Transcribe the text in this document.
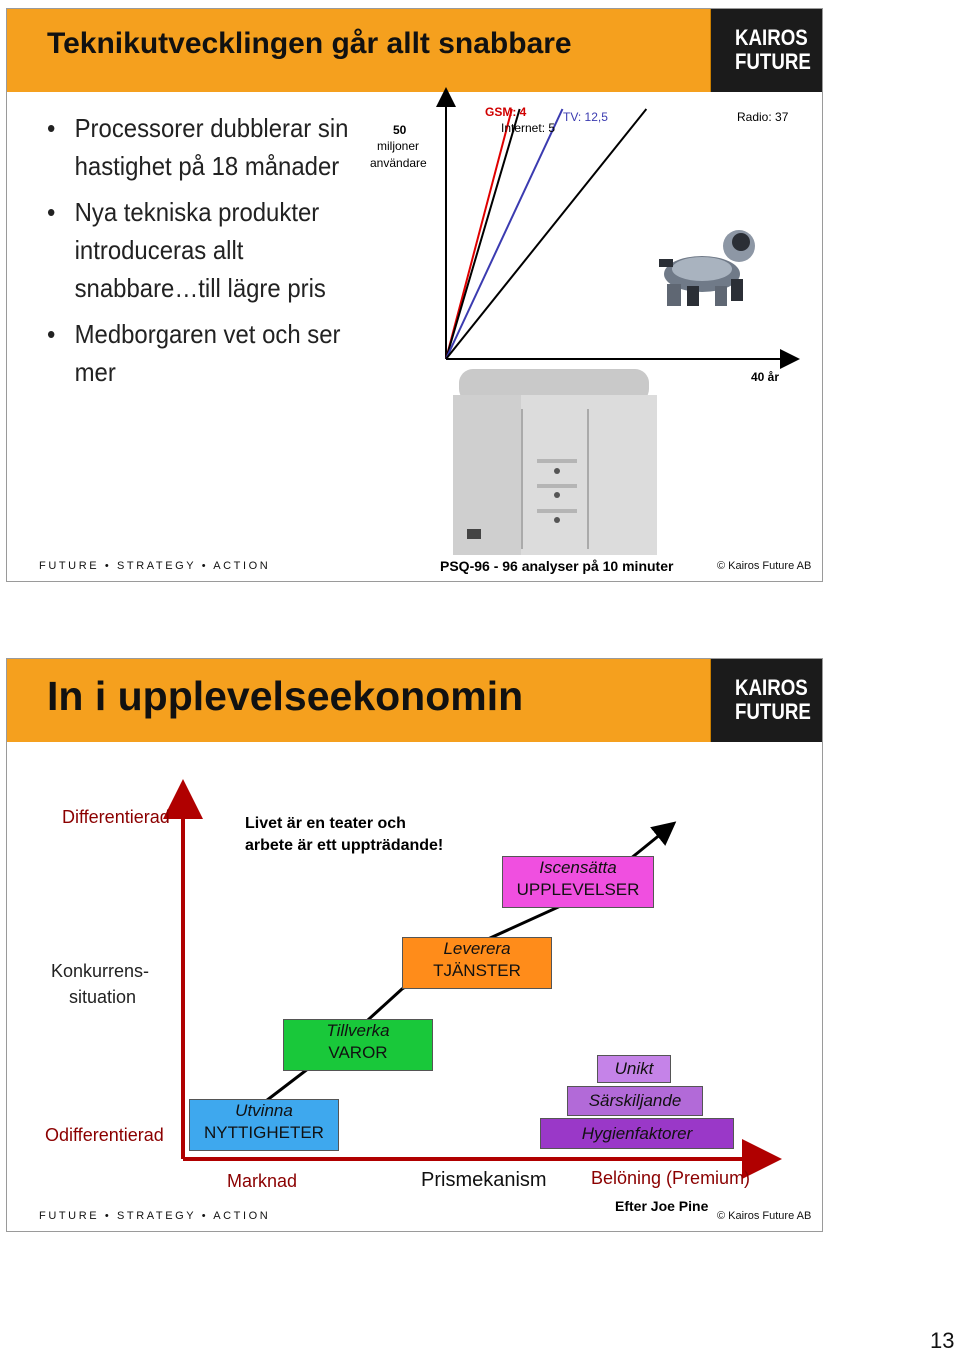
Teknikutvecklingen går allt snabbare	KAIROS
FUTURE
• Processorer dubblerar sin hastighet på 18 månader
• Nya tekniska produkter introduceras allt snabbare…till lägre pris
• Medborgaren vet och ser mer
50
miljoner
användare
GSM: 4
Internet: 5
TV: 12,5	Radio: 37
40 år
PSQ-96 - 96 analyser på 10 minuter
FUTURE • STRATEGY • ACTION	© Kairos Future AB
In i upplevelseekonomin	KAIROS
FUTURE
Differentierad
Konkurrens-
situation
Odifferentierad
Livet är en teater och
arbete är ett uppträdande!
Utvinna
NYTTIGHETER
Tillverka
VAROR
Leverera
TJÄNSTER
Iscensätta
UPPLEVELSER
Unikt
Särskiljande
Hygienfaktorer
Marknad	Prismekanism Belöning (Premium)
Efter Joe Pine
FUTURE • STRATEGY • ACTION	© Kairos Future AB
13
